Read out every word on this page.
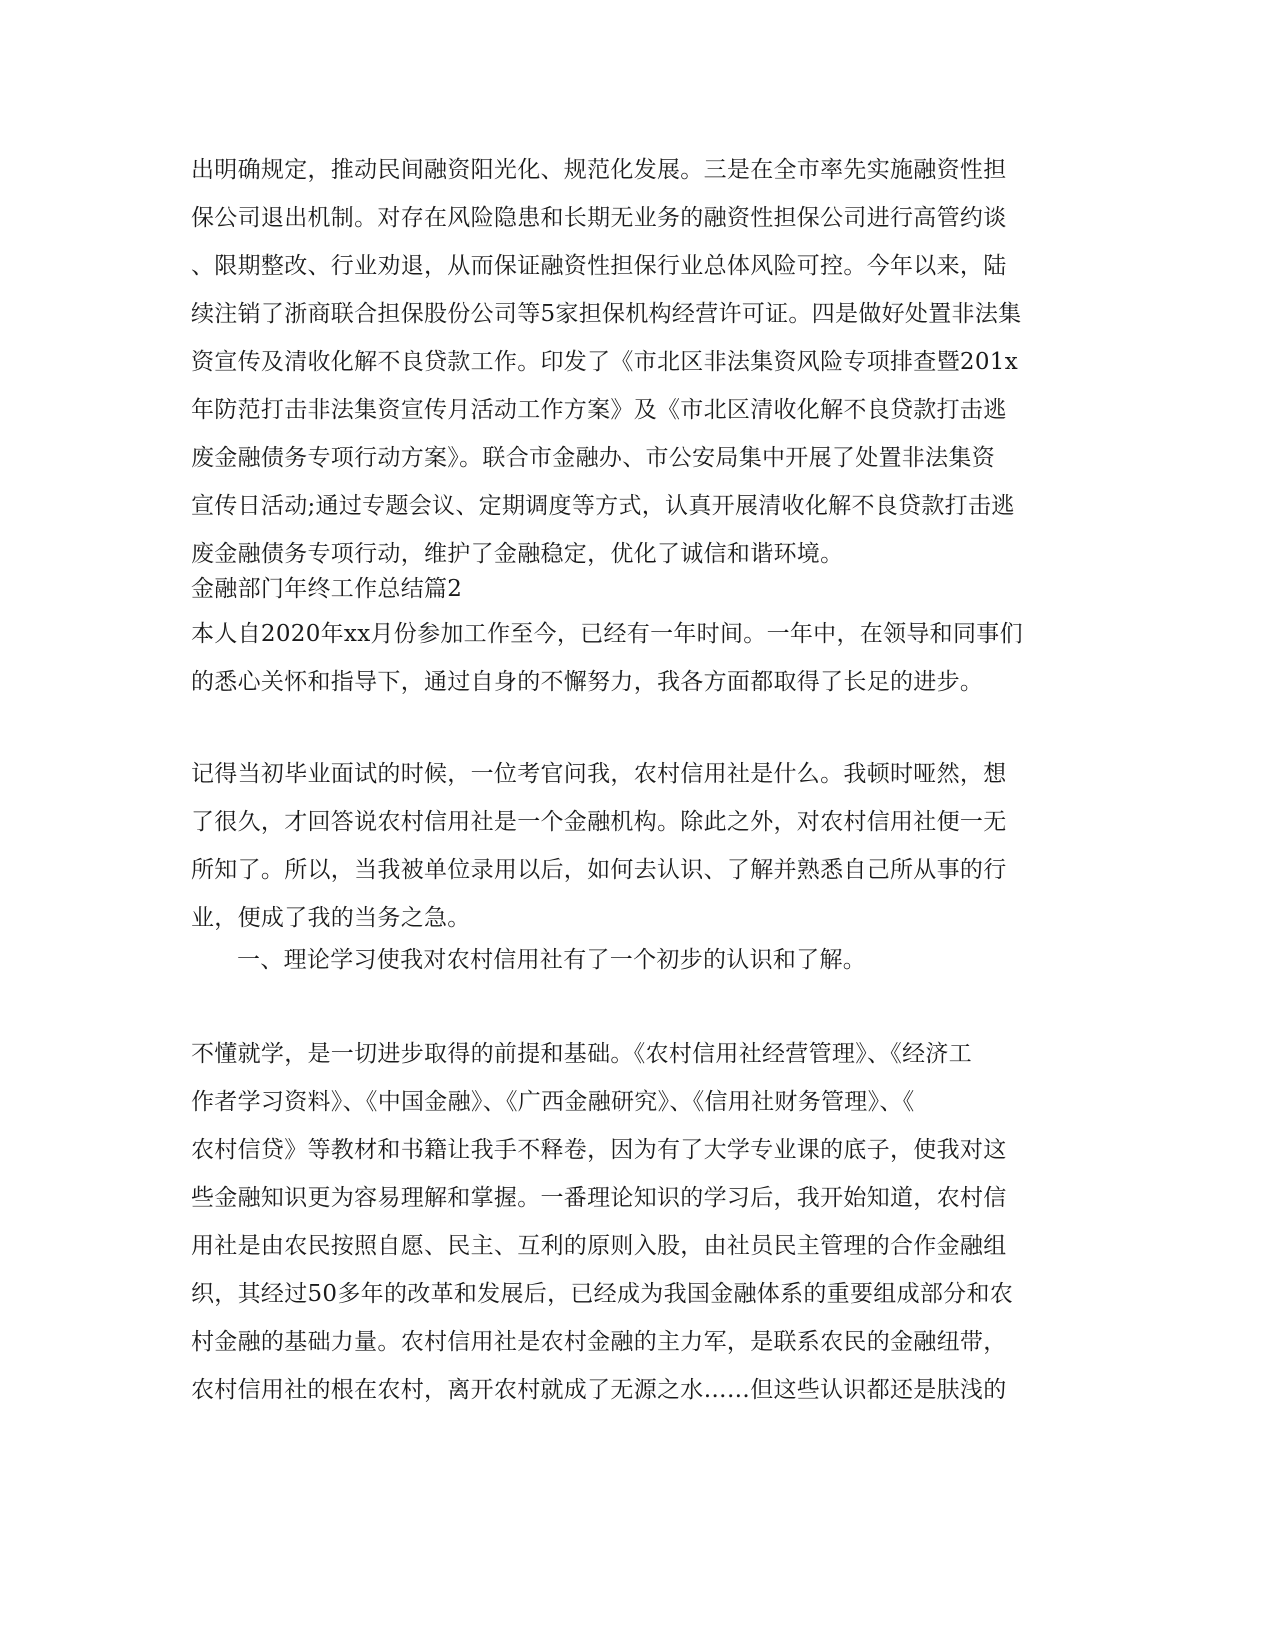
出明确规定，推动民间融资阳光化、规范化发展。三是在全市率先实施融资性担
保公司退出机制。对存在风险隐患和长期无业务的融资性担保公司进行高管约谈
、限期整改、行业劝退，从而保证融资性担保行业总体风险可控。今年以来，陆
续注销了浙商联合担保股份公司等5家担保机构经营许可证。四是做好处置非法集
资宣传及清收化解不良贷款工作。印发了《市北区非法集资风险专项排查暨201x
年防范打击非法集资宣传月活动工作方案》及《市北区清收化解不良贷款打击逃
废金融债务专项行动方案》。联合市金融办、市公安局集中开展了处置非法集资
宣传日活动;通过专题会议、定期调度等方式，认真开展清收化解不良贷款打击逃
废金融债务专项行动，维护了金融稳定，优化了诚信和谐环境。
金融部门年终工作总结篇2
本人自2020年xx月份参加工作至今，已经有一年时间。一年中，在领导和同事们
的悉心关怀和指导下，通过自身的不懈努力，我各方面都取得了长足的进步。
记得当初毕业面试的时候，一位考官问我，农村信用社是什么。我顿时哑然，想
了很久，才回答说农村信用社是一个金融机构。除此之外，对农村信用社便一无
所知了。所以，当我被单位录用以后，如何去认识、了解并熟悉自己所从事的行
业，便成了我的当务之急。
一、理论学习使我对农村信用社有了一个初步的认识和了解。
不懂就学，是一切进步取得的前提和基础。《农村信用社经营管理》、《经济工
作者学习资料》、《中国金融》、《广西金融研究》、《信用社财务管理》、《
农村信贷》等教材和书籍让我手不释卷，因为有了大学专业课的底子，使我对这
些金融知识更为容易理解和掌握。一番理论知识的学习后，我开始知道，农村信
用社是由农民按照自愿、民主、互利的原则入股，由社员民主管理的合作金融组
织，其经过50多年的改革和发展后，已经成为我国金融体系的重要组成部分和农
村金融的基础力量。农村信用社是农村金融的主力军，是联系农民的金融纽带，
农村信用社的根在农村，离开农村就成了无源之水……但这些认识都还是肤浅的
